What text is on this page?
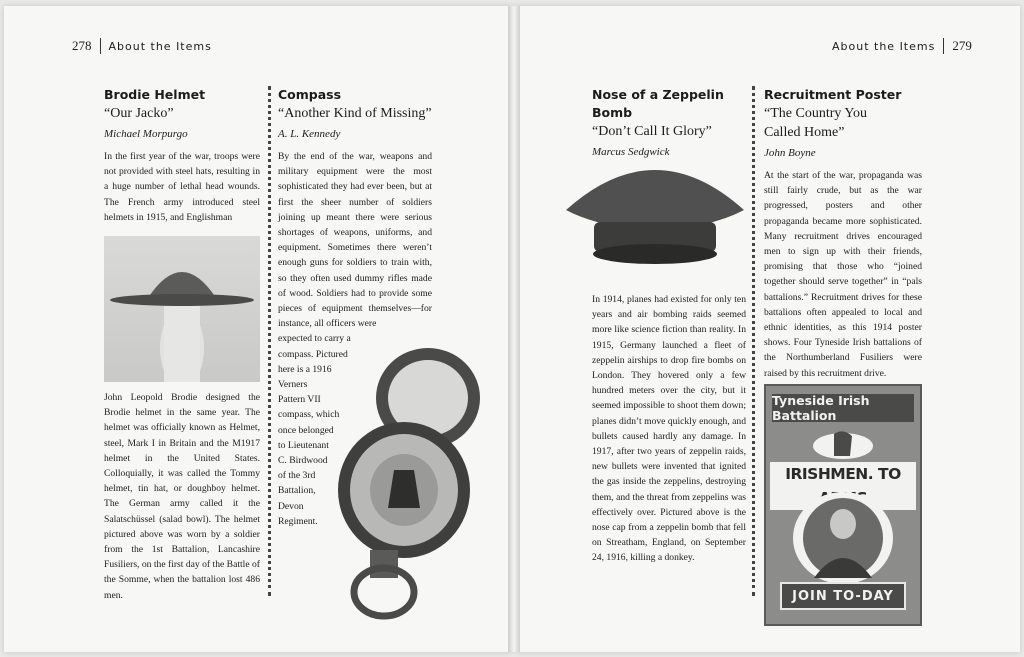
278 About the Items	About the Items 279
Brodie Helmet

“Our Jacko”

Michael Morpurgo

In the first year of the war, troops were not provided with steel hats, resulting in a huge number of lethal head wounds. The French army introduced steel helmets in 1915, and Englishman

John Leopold Brodie designed the Brodie helmet in the same year. The helmet was officially known as Helmet, steel, Mark I in Britain and the M1917 helmet in the United States. Colloquially, it was called the Tommy helmet, tin hat, or doughboy helmet. The German army called it the Salatschüssel (salad bowl). The helmet pictured above was worn by a soldier from the 1st Battalion, Lancashire Fusiliers, on the first day of the Battle of the Somme, when the battalion lost 486 men.

Compass

“Another Kind of Missing”

A. L. Kennedy

By the end of the war, weapons and military equipment were the most sophisticated they had ever been, but at first the sheer number of soldiers joining up meant there were serious shortages of weapons, uniforms, and equipment. Sometimes there weren’t enough guns for soldiers to train with, so they often used dummy rifles made of wood. Soldiers had to provide some pieces of equipment themselves—for instance, all officers were

expected to carry a
compass. Pictured
here is a 1916
Verners
Pattern VII
compass, which
once belonged
to Lieutenant
C. Birdwood
of the 3rd
Battalion,
Devon
Regiment.
Nose of a Zeppelin Bomb

“Don’t Call It Glory”

Marcus Sedgwick

In 1914, planes had existed for only ten years and air bombing raids seemed more like science fiction than reality. In 1915, Germany launched a fleet of zeppelin airships to drop fire bombs on London. They hovered only a few hundred meters over the city, but it seemed impossible to shoot them down; planes didn’t move quickly enough, and bullets caused hardly any damage. In 1917, after two years of zeppelin raids, new bullets were invented that ignited the gas inside the zeppelins, destroying them, and the threat from zeppelins was effectively over. Pictured above is the nose cap from a zeppelin bomb that fell on Streatham, England, on September 24, 1916, killing a donkey.

Recruitment Poster

“The Country You

Called Home”

John Boyne

At the start of the war, propaganda was still fairly crude, but as the war progressed, posters and other propaganda became more sophisticated. Many recruitment drives encouraged men to sign up with their friends, promising that those who “joined together should serve together” in “pals battalions.” Recruitment drives for these battalions often appealed to local and ethnic identities, as this 1914 poster shows. Four Tyneside Irish battalions of the Northumberland Fusiliers were raised by this recruitment drive.

Tyneside Irish Battalion
IRISHMEN. TO
JOIN TO-DAY
